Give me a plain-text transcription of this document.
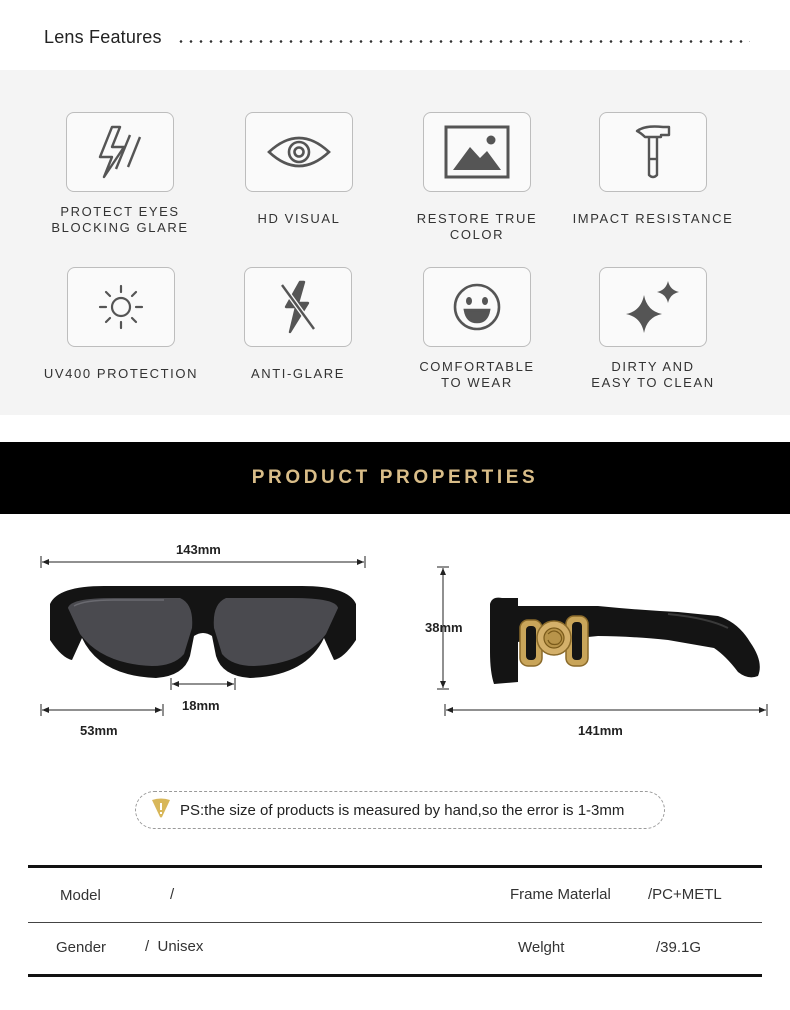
Lens Features
PROTECT EYES
BLOCKING GLARE
HD VISUAL	RESTORE TRUE COLOR
IMPACT RESISTANCE
UV400 PROTECTION	ANTI-GLARE	COMFORTABLE
TO WEAR
DIRTY AND
EASY TO CLEAN
PRODUCT PROPERTIES
143mm
18mm
53mm
38mm
141mm
PS:the size of products is measured by hand,so the error is 1-3mm
Model	/	Frame Materlal /PC+METL
Gender	/  Unisex	Welght	/39.1G
